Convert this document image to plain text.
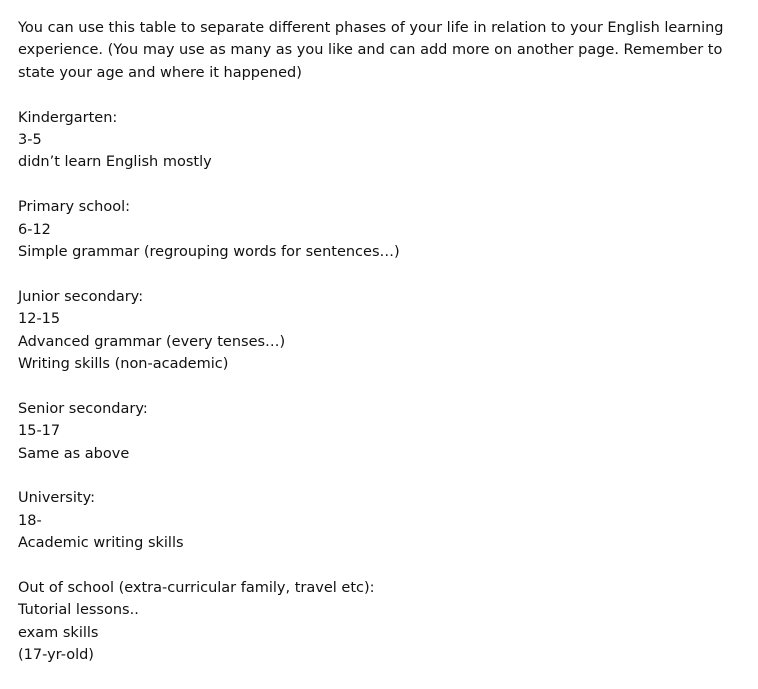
You can use this table to separate different phases of your life in relation to your English learning experience. (You may use as many as you like and can add more on another page. Remember to state your age and where it happened)

Kindergarten:
3-5
didn’t learn English mostly
Primary school:
6-12
Simple grammar (regrouping words for sentences…)
Junior secondary:
12-15
Advanced grammar (every tenses…)
Writing skills (non-academic)
Senior secondary:
15-17
Same as above
University:
18-
Academic writing skills
Out of school (extra-curricular family, travel etc):
Tutorial lessons..
exam skills
(17-yr-old)
